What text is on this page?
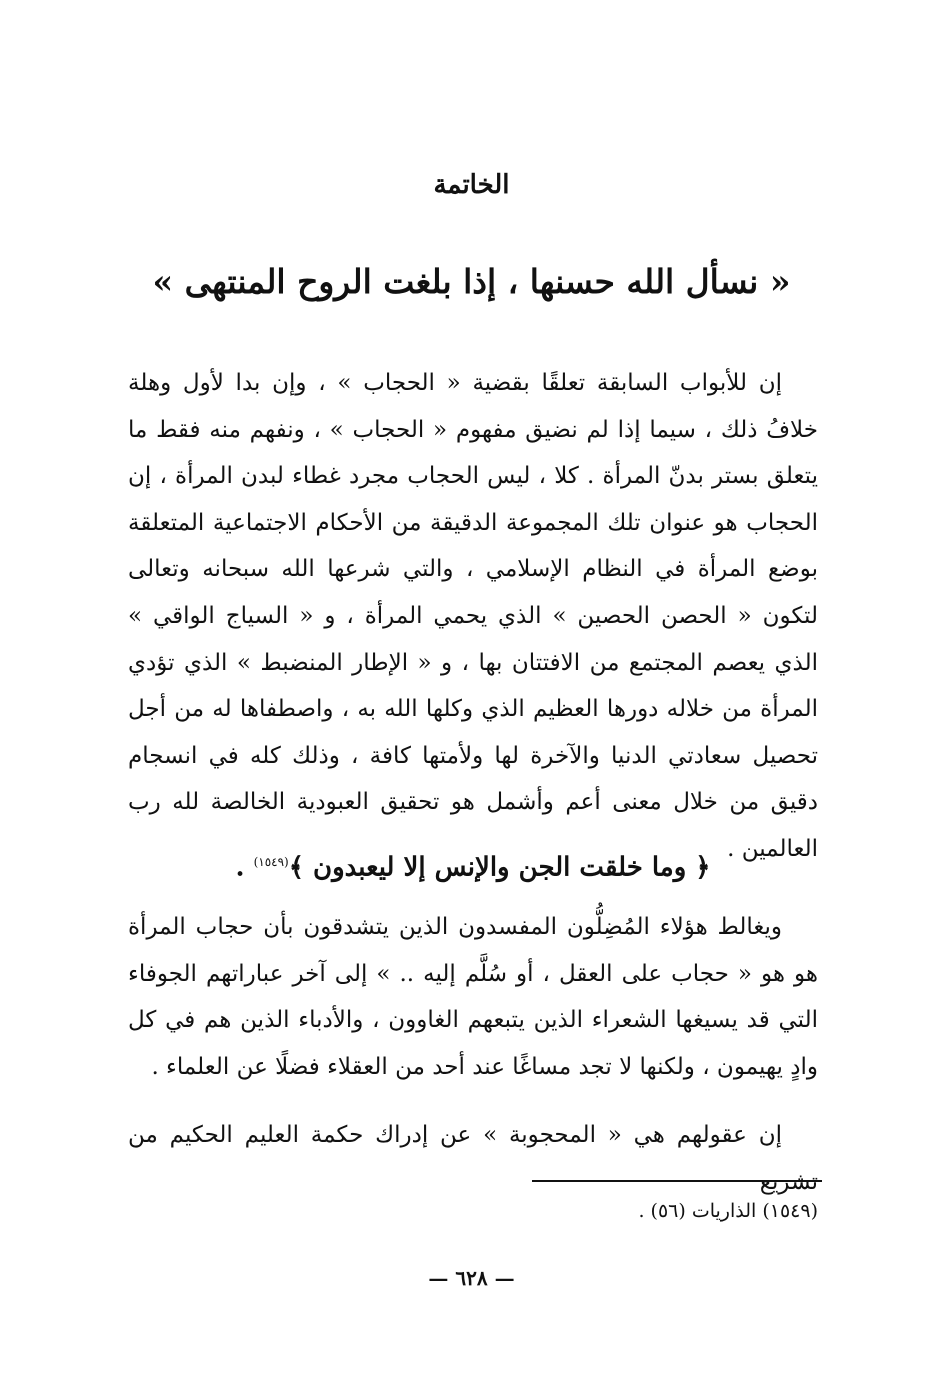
الخاتمة
« نسأل الله حسنها ، إذا بلغت الروح المنتهى »

إن للأبواب السابقة تعلقًا بقضية « الحجاب » ، وإن بدا لأول وهلة خلافُ ذلك ، سيما إذا لم نضيق مفهوم « الحجاب » ، ونفهم منه فقط ما يتعلق بستر بدنّ المرأة . كلا ، ليس الحجاب مجرد غطاء لبدن المرأة ، إن الحجاب هو عنوان تلك المجموعة الدقيقة من الأحكام الاجتماعية المتعلقة بوضع المرأة في النظام الإسلامي ، والتي شرعها الله سبحانه وتعالى لتكون « الحصن الحصين » الذي يحمي المرأة ، و « السياج الواقي » الذي يعصم المجتمع من الافتتان بها ، و « الإطار المنضبط » الذي تؤدي المرأة من خلاله دورها العظيم الذي وكلها الله به ، واصطفاها له من أجل تحصيل سعادتي الدنيا والآخرة لها ولأمتها كافة ، وذلك كله في انسجام دقيق من خلال معنى أعم وأشمل هو تحقيق العبودية الخالصة لله رب العالمين .

﴿ وما خلقت الجن والإنس إلا ليعبدون ﴾$^{(١٥٤٩)}$ .

ويغالط هؤلاء المُضِلُّون المفسدون الذين يتشدقون بأن حجاب المرأة هو هو « حجاب على العقل ، أو سُلَّم إليه .. » إلى آخر عباراتهم الجوفاء التي قد يسيغها الشعراء الذين يتبعهم الغاوون ، والأدباء الذين هم في كل وادٍ يهيمون ، ولكنها لا تجد مساغًا عند أحد من العقلاء فضلًا عن العلماء .

إن عقولهم هي « المحجوبة » عن إدراك حكمة العليم الحكيم من تشريع

(١٥٤٩) الذاريات (٥٦) .
— ٦٢٨ —
